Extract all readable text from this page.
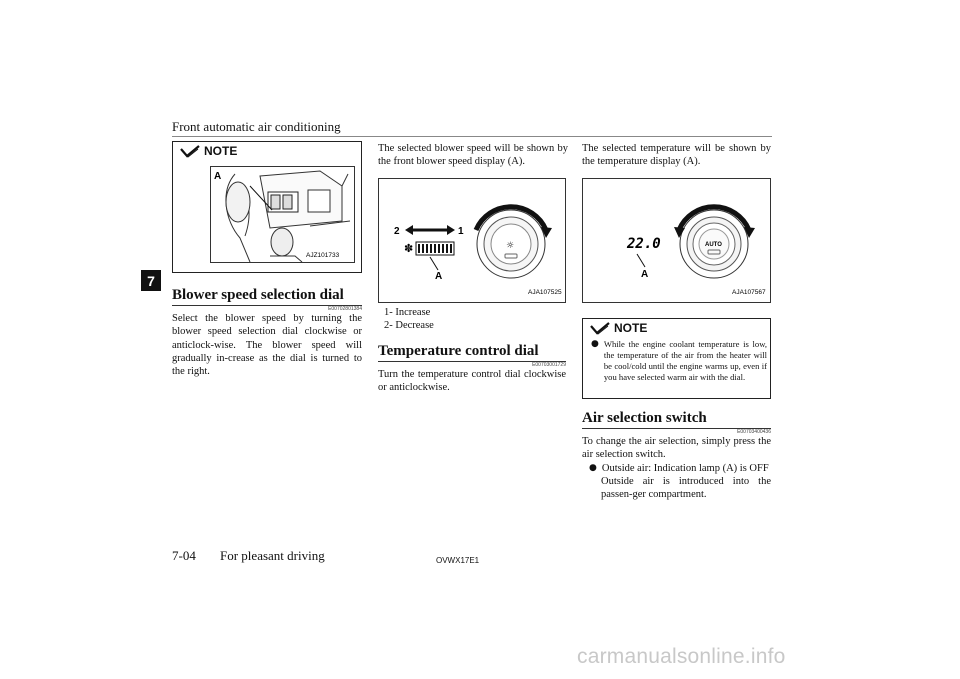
Front automatic air conditioning
7
NOTE
A
AJZ101733
Blower speed selection dial
E00702801384
Select the blower speed by turning the blower speed selection dial clockwise or anticlock-wise. The blower speed will gradually in-crease as the dial is turned to the right.
The selected blower speed will be shown by the front blower speed display (A).
✽
2	1
A
☼
AJA107525
1- Increase
2- Decrease
Temperature control dial
E00703001729
Turn the temperature control dial clockwise or anticlockwise.
The selected temperature will be shown by the temperature display (A).
22.0
A
AUTO
AJA107567
NOTE
● While the engine coolant temperature is low, the temperature of the air from the heater will be cool/cold until the engine warms up, even if you have selected warm air with the dial.
Air selection switch
E00703400436
To change the air selection, simply press the air selection switch.
● Outside air: Indication lamp (A) is OFF
Outside air is introduced into the passen-ger compartment.
7-04 For pleasant driving	OVWX17E1
carmanualsonline.info
